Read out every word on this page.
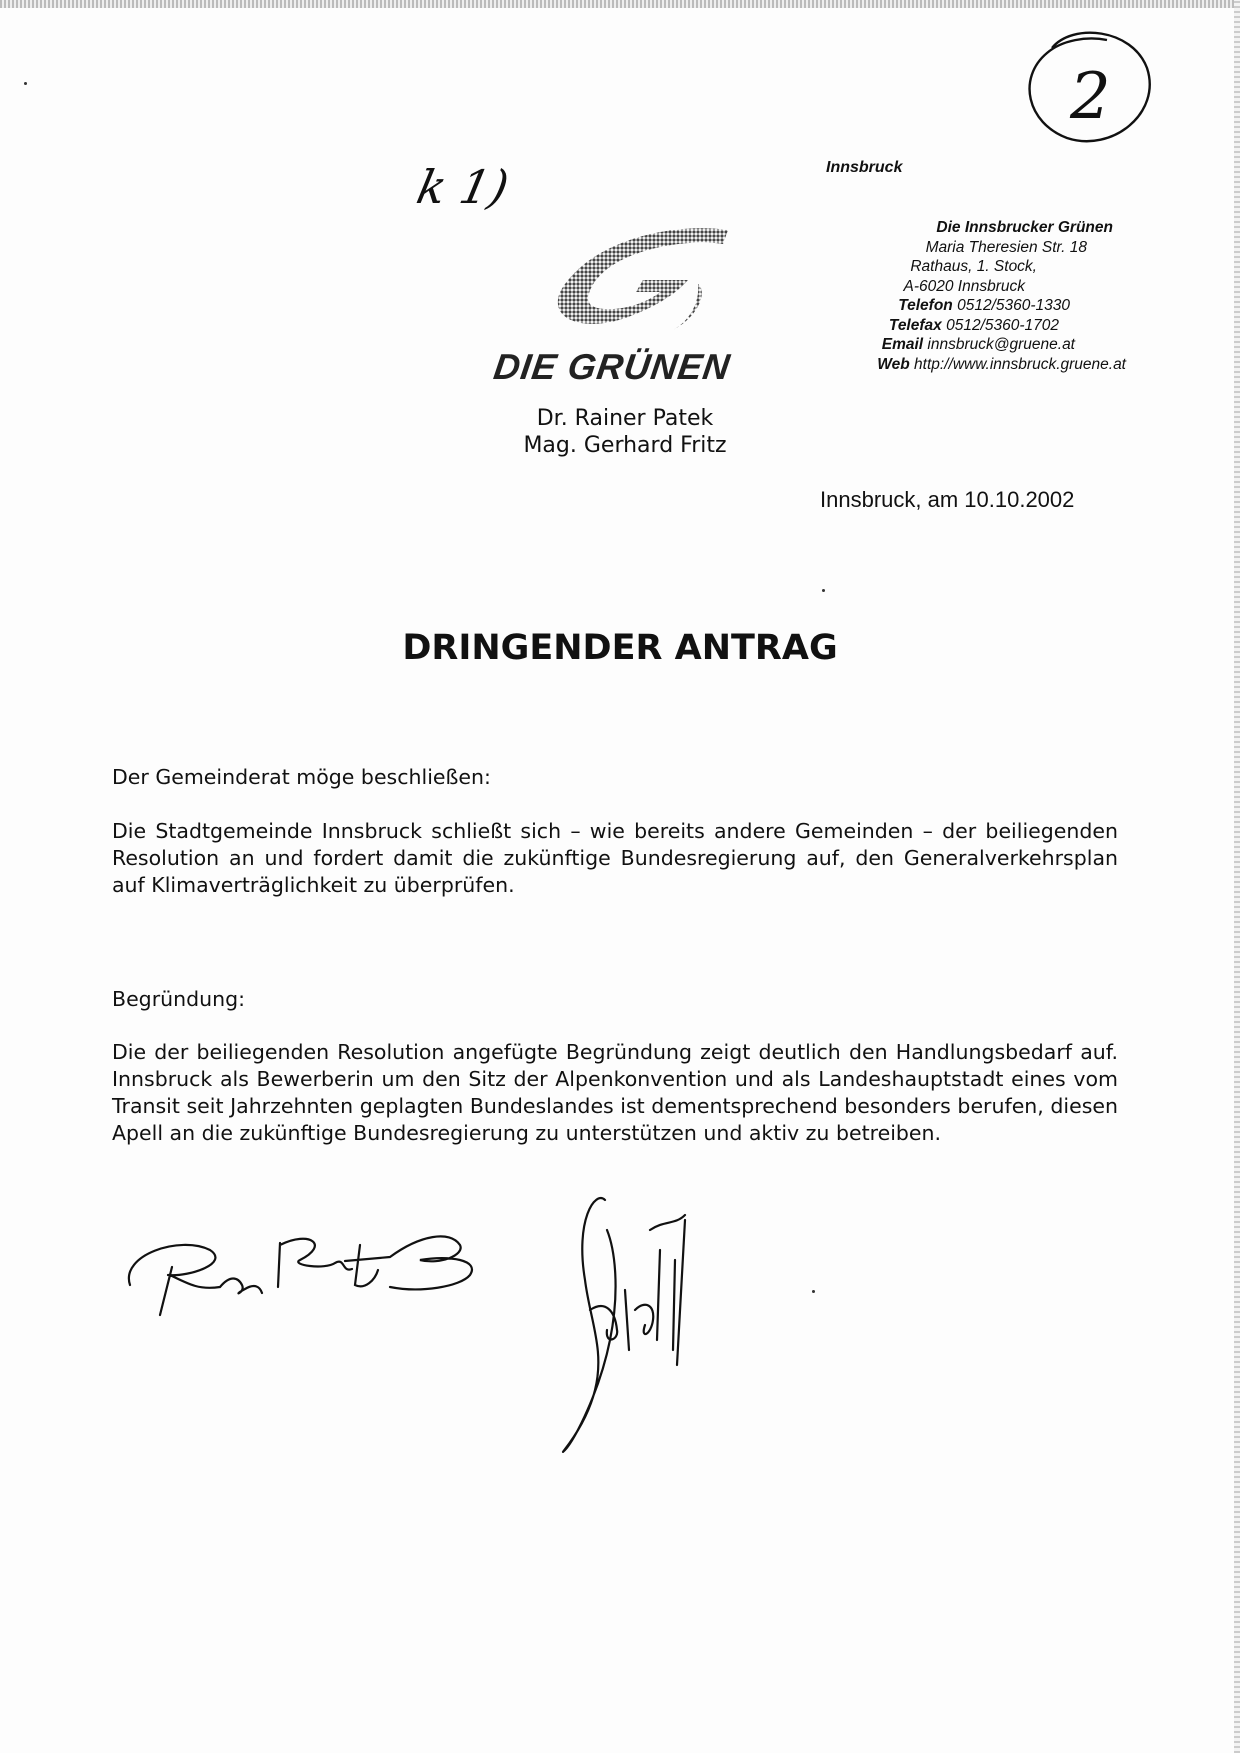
k 1)
2
Innsbruck
Die Innsbrucker Grünen
Maria Theresien Str. 18
Rathaus, 1. Stock,
A-6020 Innsbruck
Telefon 0512/5360-1330
Telefax 0512/5360-1702
Email innsbruck@gruene.at
Web http://www.innsbruck.gruene.at
DIE GRÜNEN
Dr. Rainer Patek
Mag. Gerhard Fritz
Innsbruck, am 10.10.2002
DRINGENDER ANTRAG
Der Gemeinderat möge beschließen:
Die Stadtgemeinde Innsbruck schließt sich – wie bereits andere Gemeinden – der beiliegenden Resolution an und fordert damit die zukünftige Bundesregierung auf, den Generalverkehrsplan auf Klimaverträglichkeit zu überprüfen.
Begründung:
Die der beiliegenden Resolution angefügte Begründung zeigt deutlich den Handlungsbedarf auf. Innsbruck als Bewerberin um den Sitz der Alpenkonvention und als Landeshauptstadt eines vom Transit seit Jahrzehnten geplagten Bundeslandes ist dementsprechend besonders berufen, diesen Apell an die zukünftige Bundesregierung zu unterstützen und aktiv zu betreiben.
